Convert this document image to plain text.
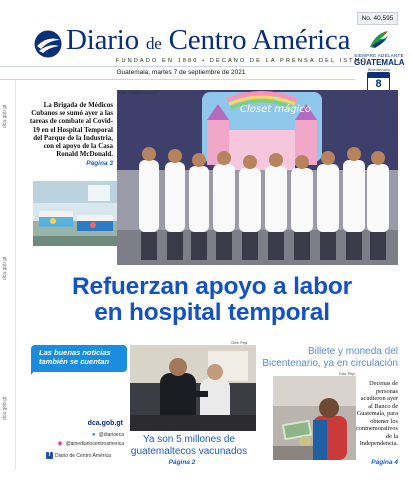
Diario de Centro América
FUNDADO EN 1880 • DECANO DE LA PRENSA DEL ISTMO
No. 40,595
SIEMPRE ADELANTE
GUATEMALA
Bicentenario
8
Guatemala, martes 7 de septiembre de 2021
dca.gob.gt
dca.gob.gt
dca.gob.gt
La Brigada de Médicos Cubanos se sumó ayer a las tareas de combate al Covid-19 en el Hospital Temporal del Parque de la Industria, con el apoyo de la Casa Ronald McDonald.
Página 3
Closet mágico
Foto: Cristian Ramírez
Refuerzan apoyo a labor
en hospital temporal
Las buenas noticias también se cuentan
dca.gob.gt
● @diarioeca
◉ @ainediariocentroamerica
f Diario de Centro América
Cifra: Pepi
Ya son 5 millones de guatemaltecos vacunados
Página 2
Billete y moneda del Bicentenario, ya en circulación
Foto: Pepi
Decenas de personas acudieron ayer al Banco de Guatemala, para obtener los conmemorativos de la Independencia.
Página 4
